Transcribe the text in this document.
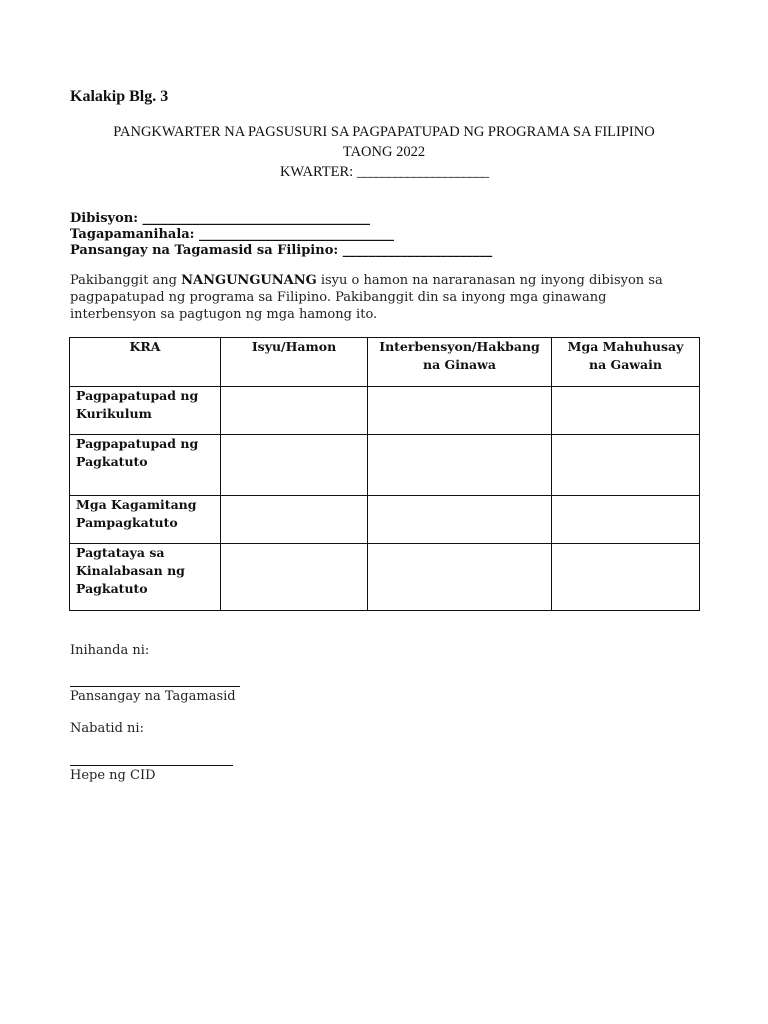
Kalakip Blg. 3
PANGKWARTER NA PAGSUSURI SA PAGPAPATUPAD NG PROGRAMA SA FILIPINO
TAONG 2022
KWARTER: _____________________
Dibisyon: ___________________________________
Tagapamanihala: ______________________________
Pansangay na Tagamasid sa Filipino: _______________________
Pakibanggit ang NANGUNGUNANG isyu o hamon na nararanasan ng inyong dibisyon sa
pagpapatupad ng programa sa Filipino. Pakibanggit din sa inyong mga ginawang
interbensyon sa pagtugon ng mga hamong ito.
KRA	Isyu/Hamon	Interbensyon/Hakbang na Ginawa	Mga Mahuhusay na Gawain
Pagpapatupad ng Kurikulum			
Pagpapatupad ng Pagkatuto			
Mga Kagamitang Pampagkatuto			
Pagtataya sa Kinalabasan ng Pagkatuto			
Inihanda ni:
Pansangay na Tagamasid
Nabatid ni:
Hepe ng CID
